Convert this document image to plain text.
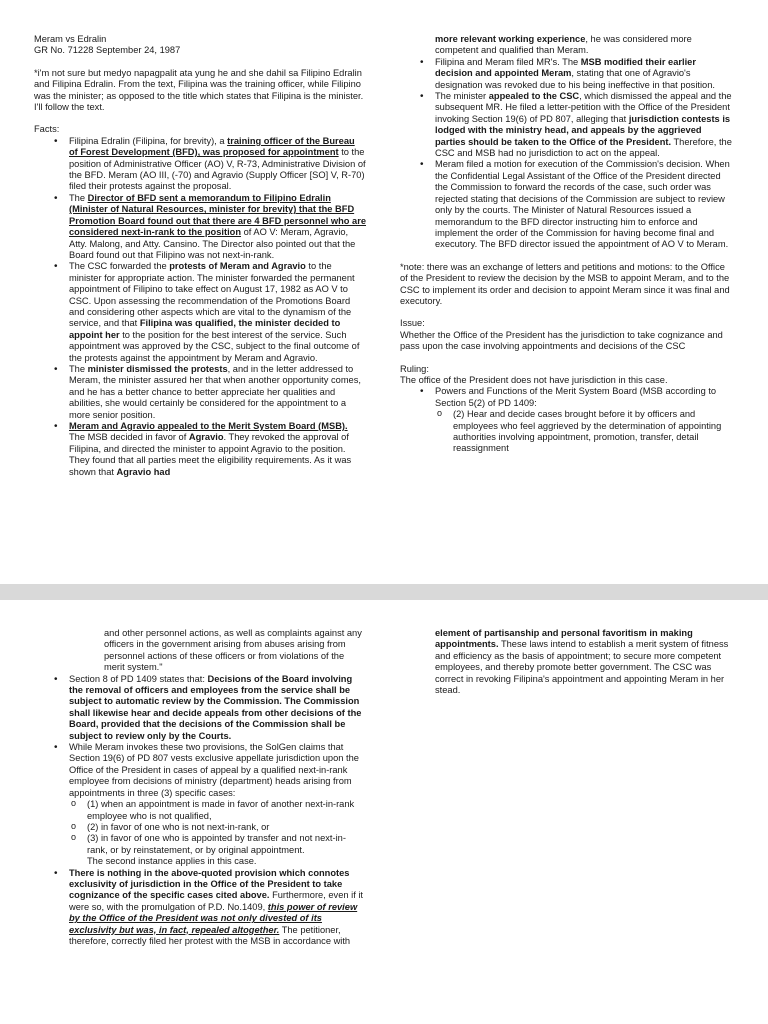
Meram vs Edralin

GR No. 71228 September 24, 1987

*i'm not sure but medyo napagpalit ata yung he and she dahil sa Filipino Edralin and Filipina Edralin. From the text, Filipina was the training officer, while Filipino was the minister; as opposed to the title which states that Filipina is the minister. I'll follow the text.

Facts:

• Filipina Edralin (Filipina, for brevity), a training officer of the Bureau of Forest Development (BFD), was proposed for appointment to the position of Administrative Officer (AO) V, R-73, Administrative Division of the BFD. Meram (AO III, (-70) and Agravio (Supply Officer [SO] V, R-70) filed their protests against the proposal.
• The Director of BFD sent a memorandum to Filipino Edralin (Minister of Natural Resources, minister for brevity) that the BFD Promotion Board found out that there are 4 BFD personnel who are considered next-in-rank to the position of AO V: Meram, Agravio, Atty. Malong, and Atty. Cansino. The Director also pointed out that the Board found out that Filipino was not next-in-rank.
• The CSC forwarded the protests of Meram and Agravio to the minister for appropriate action. The minister forwarded the permanent appointment of Filipino to take effect on August 17, 1982 as AO V to CSC. Upon assessing the recommendation of the Promotions Board and considering other aspects which are vital to the dynamism of the service, and that Filipina was qualified, the minister decided to appoint her to the position for the best interest of the service. Such appointment was approved by the CSC, subject to the final outcome of the protests against the appointment by Meram and Agravio.
• The minister dismissed the protests, and in the letter addressed to Meram, the minister assured her that when another opportunity comes, and he has a better chance to better appreciate her qualities and abilities, she would certainly be considered for the appointment to a more senior position.
• Meram and Agravio appealed to the Merit System Board (MSB). The MSB decided in favor of Agravio. They revoked the approval of Filipina, and directed the minister to appoint Agravio to the position. They found that all parties meet the eligibility requirements. As it was shown that Agravio had

more relevant working experience, he was considered more competent and qualified than Meram.

• Filipina and Meram filed MR's. The MSB modified their earlier decision and appointed Meram, stating that one of Agravio's designation was revoked due to his being ineffective in that position.
• The minister appealed to the CSC, which dismissed the appeal and the subsequent MR. He filed a letter-petition with the Office of the President invoking Section 19(6) of PD 807, alleging that jurisdiction contests is lodged with the ministry head, and appeals by the aggrieved parties should be taken to the Office of the President. Therefore, the CSC and MSB had no jurisdiction to act on the appeal.
• Meram filed a motion for execution of the Commission's decision. When the Confidential Legal Assistant of the Office of the President directed the Commission to forward the records of the case, such order was rejected stating that decisions of the Commission are subject to review only by the courts. The Minister of Natural Resources issued a memorandum to the BFD director instructing him to enforce and implement the order of the Commission for having become final and executory. The BFD director issued the appointment of AO V to Meram.

*note: there was an exchange of letters and petitions and motions: to the Office of the President to review the decision by the MSB to appoint Meram, and to the CSC to implement its order and decision to appoint Meram since it was final and executory.

Issue:

Whether the Office of the President has the jurisdiction to take cognizance and pass upon the case involving appointments and decisions of the CSC

Ruling:

The office of the President does not have jurisdiction in this case.

• Powers and Functions of the Merit System Board (MSB according to Section 5(2) of PD 1409:
o (2) Hear and decide cases brought before it by officers and employees who feel aggrieved by the determination of appointing authorities involving appointment, promotion, transfer, detail reassignment

and other personnel actions, as well as complaints against any officers in the government arising from abuses arising from personnel actions of these officers or from violations of the merit system."

• Section 8 of PD 1409 states that: Decisions of the Board involving the removal of officers and employees from the service shall be subject to automatic review by the Commission. The Commission shall likewise hear and decide appeals from other decisions of the Board, provided that the decisions of the Commission shall be subject to review only by the Courts.
• While Meram invokes these two provisions, the SolGen claims that Section 19(6) of PD 807 vests exclusive appellate jurisdiction upon the Office of the President in cases of appeal by a qualified next-in-rank employee from decisions of ministry (department) heads arising from appointments in three (3) specific cases:
o (1) when an appointment is made in favor of another next-in-rank employee who is not qualified,
o (2) in favor of one who is not next-in-rank, or
o (3) in favor of one who is appointed by transfer and not next-in-rank, or by reinstatement, or by original appointment.

The second instance applies in this case.

• There is nothing in the above-quoted provision which connotes exclusivity of jurisdiction in the Office of the President to take cognizance of the specific cases cited above. Furthermore, even if it were so, with the promulgation of P.D. No.1409, this power of review by the Office of the President was not only divested of its exclusivity but was, in fact, repealed altogether. The petitioner, therefore, correctly filed her protest with the MSB in accordance with

element of partisanship and personal favoritism in making appointments. These laws intend to establish a merit system of fitness and efficiency as the basis of appointment; to secure more competent employees, and thereby promote better government. The CSC was correct in revoking Filipina's appointment and appointing Meram in her stead.
